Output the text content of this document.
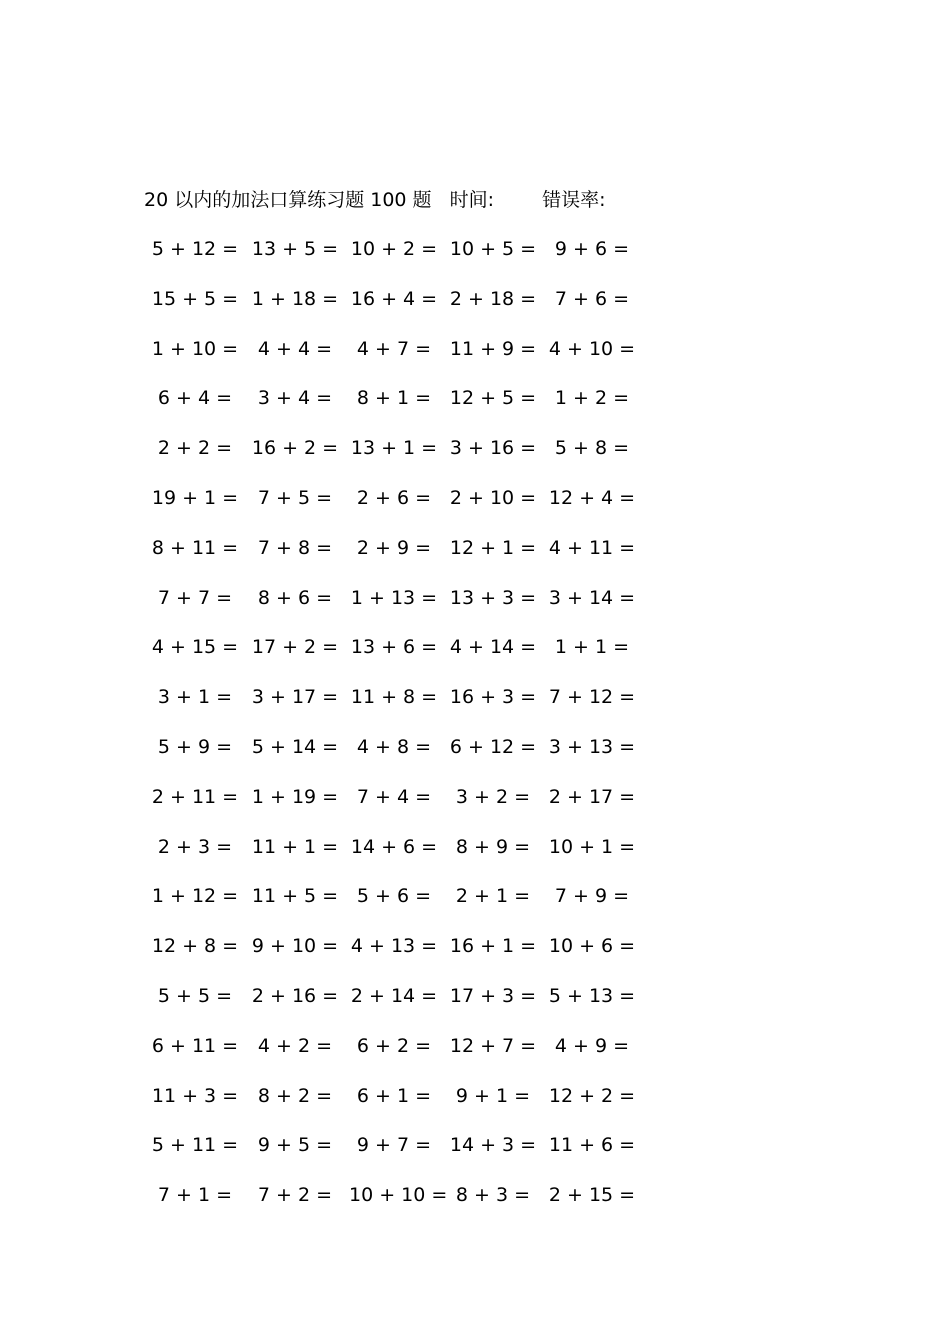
20 以内的加法口算练习题 100 题 时间:	错误率:
5 + 12 = 13 + 5 = 10 + 2 = 10 + 5 = 9 + 6 =
15 + 5 = 1 + 18 = 16 + 4 = 2 + 18 = 7 + 6 =
1 + 10 =	4 + 4 =	4 + 7 = 11 + 9 = 4 + 10 =
6 + 4 =	3 + 4 =	8 + 1 = 12 + 5 = 1 + 2 =
2 + 2 =	16 + 2 = 13 + 1 = 3 + 16 = 5 + 8 =
19 + 1 =	7 + 5 =	2 + 6 = 2 + 10 = 12 + 4 =
8 + 11 =	7 + 8 =	2 + 9 = 12 + 1 = 4 + 11 =
7 + 7 =	8 + 6 = 1 + 13 = 13 + 3 = 3 + 14 =
4 + 15 = 17 + 2 = 13 + 6 = 4 + 14 = 1 + 1 =
3 + 1 =	3 + 17 = 11 + 8 = 16 + 3 = 7 + 12 =
5 + 9 =	5 + 14 = 4 + 8 = 6 + 12 = 3 + 13 =
2 + 11 = 1 + 19 = 7 + 4 =	3 + 2 = 2 + 17 =
2 + 3 =	11 + 1 = 14 + 6 = 8 + 9 = 10 + 1 =
1 + 12 = 11 + 5 = 5 + 6 =	2 + 1 =	7 + 9 =
12 + 8 = 9 + 10 = 4 + 13 = 16 + 1 = 10 + 6 =
5 + 5 =	2 + 16 = 2 + 14 = 17 + 3 = 5 + 13 =
6 + 11 =	4 + 2 =	6 + 2 = 12 + 7 = 4 + 9 =
11 + 3 =	8 + 2 =	6 + 1 =	9 + 1 = 12 + 2 =
5 + 11 =	9 + 5 =	9 + 7 = 14 + 3 = 11 + 6 =
7 + 1 =	7 + 2 = 10 + 10 = 8 + 3 = 2 + 15 =
